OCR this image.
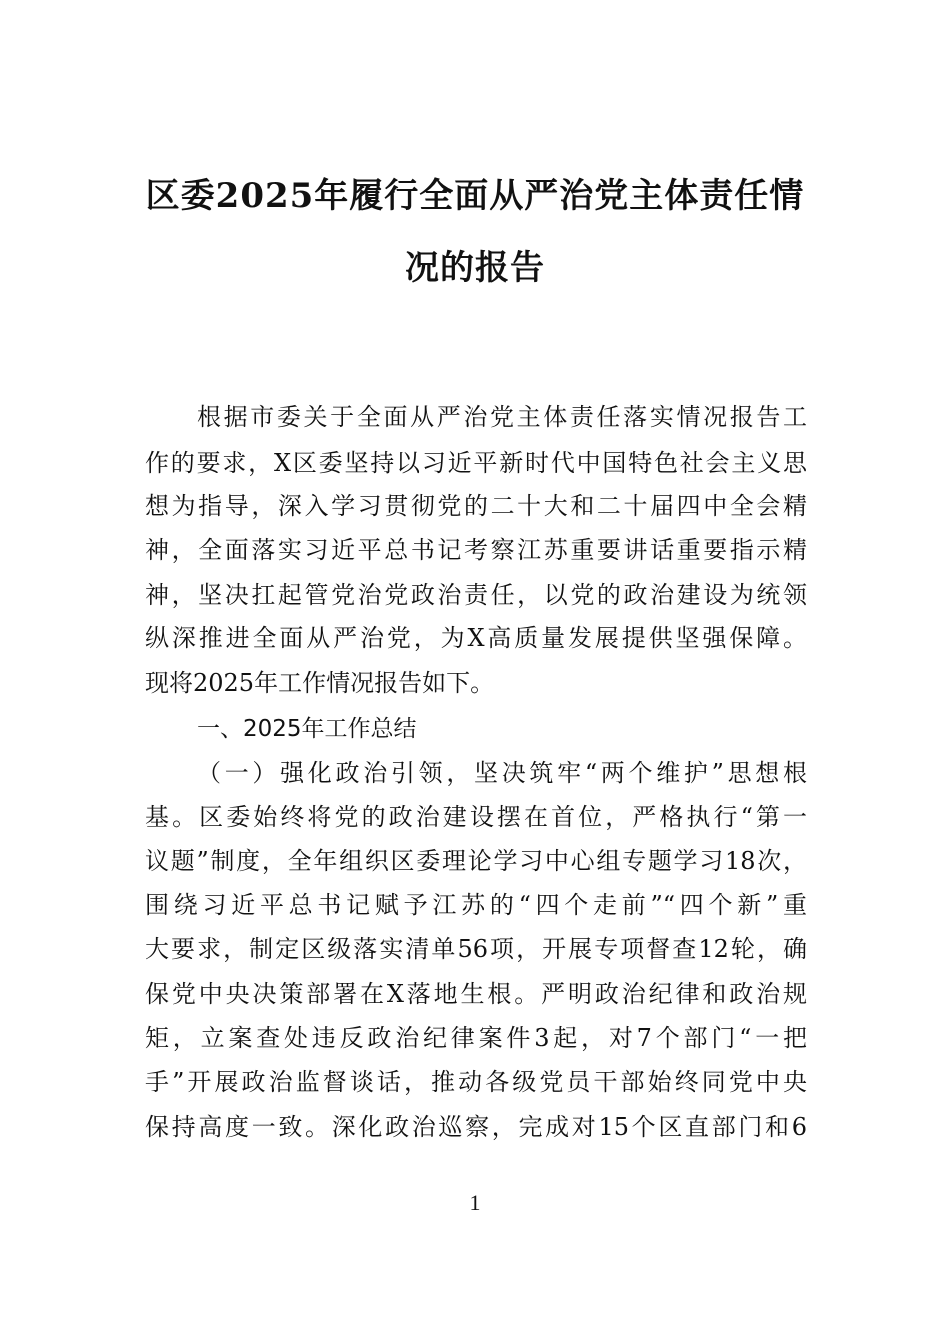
区委2025年履行全面从严治党主体责任情
况的报告
根据市委关于全面从严治党主体责任落实情况报告工
作的要求，X区委坚持以习近平新时代中国特色社会主义思
想为指导，深入学习贯彻党的二十大和二十届四中全会精
神，全面落实习近平总书记考察江苏重要讲话重要指示精
神，坚决扛起管党治党政治责任，以党的政治建设为统领
纵深推进全面从严治党，为X高质量发展提供坚强保障。
现将2025年工作情况报告如下。
一、2025年工作总结
（一）强化政治引领，坚决筑牢“两个维护”思想根
基。区委始终将党的政治建设摆在首位，严格执行“第一
议题”制度，全年组织区委理论学习中心组专题学习18次，
围绕习近平总书记赋予江苏的“四个走前”“四个新”重
大要求，制定区级落实清单56项，开展专项督查12轮，确
保党中央决策部署在X落地生根。严明政治纪律和政治规
矩，立案查处违反政治纪律案件3起，对7个部门“一把
手”开展政治监督谈话，推动各级党员干部始终同党中央
保持高度一致。深化政治巡察，完成对15个区直部门和6
1
